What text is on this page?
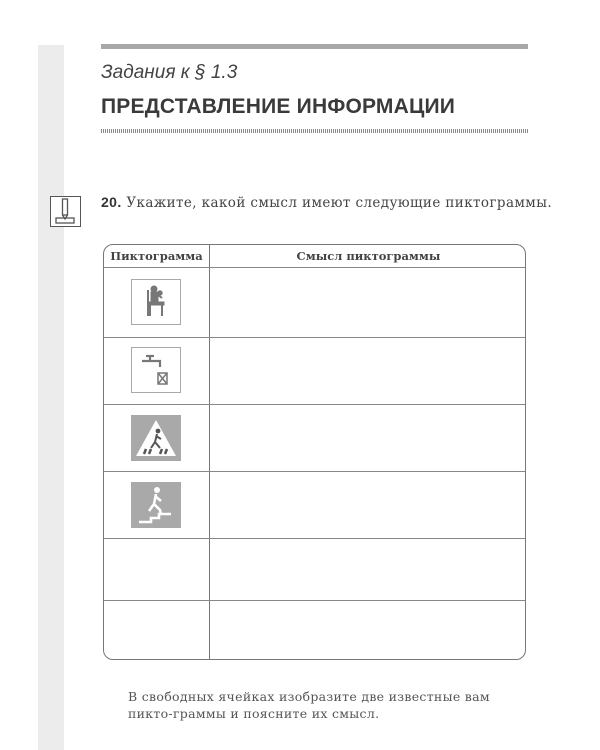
Задания к § 1.3
ПРЕДСТАВЛЕНИЕ ИНФОРМАЦИИ
20. Укажите, какой смысл имеют следующие пиктограммы.
Пиктограмма	Смысл пиктограммы
В свободных ячейках изобразите две известные вам пикто-граммы и поясните их смысл.
